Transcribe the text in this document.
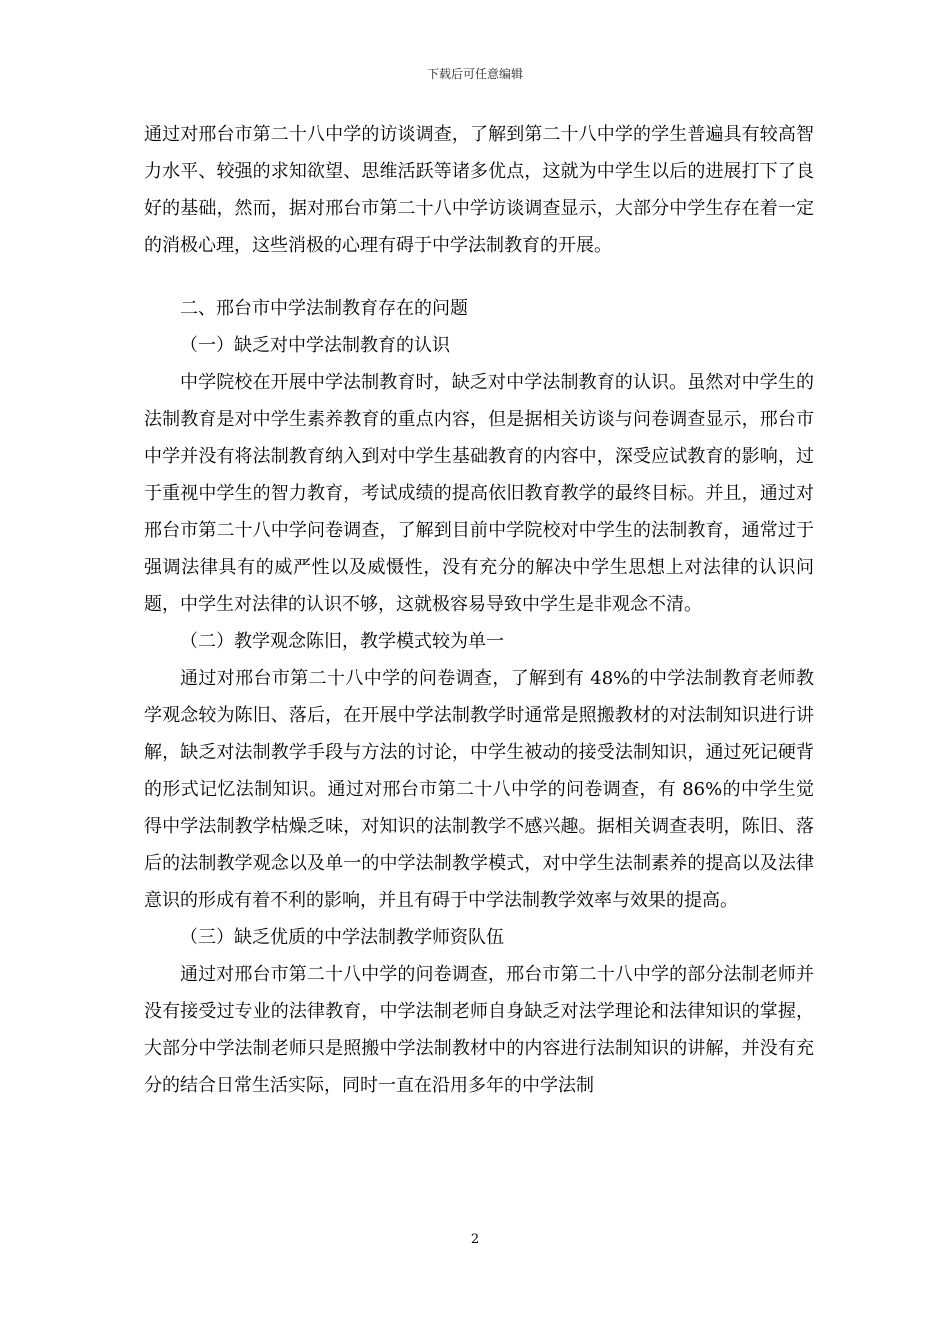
下载后可任意编辑

通过对邢台市第二十八中学的访谈调查，了解到第二十八中学的学生普遍具有较高智力水平、较强的求知欲望、思维活跃等诸多优点，这就为中学生以后的进展打下了良好的基础，然而，据对邢台市第二十八中学访谈调查显示，大部分中学生存在着一定的消极心理，这些消极的心理有碍于中学法制教育的开展。

二、邢台市中学法制教育存在的问题

（一）缺乏对中学法制教育的认识

中学院校在开展中学法制教育时，缺乏对中学法制教育的认识。虽然对中学生的法制教育是对中学生素养教育的重点内容，但是据相关访谈与问卷调查显示，邢台市中学并没有将法制教育纳入到对中学生基础教育的内容中，深受应试教育的影响，过于重视中学生的智力教育，考试成绩的提高依旧教育教学的最终目标。并且，通过对邢台市第二十八中学问卷调查，了解到目前中学院校对中学生的法制教育，通常过于强调法律具有的威严性以及威慑性，没有充分的解决中学生思想上对法律的认识问题，中学生对法律的认识不够，这就极容易导致中学生是非观念不清。

（二）教学观念陈旧，教学模式较为单一

通过对邢台市第二十八中学的问卷调查，了解到有 48%的中学法制教育老师教学观念较为陈旧、落后，在开展中学法制教学时通常是照搬教材的对法制知识进行讲解，缺乏对法制教学手段与方法的讨论，中学生被动的接受法制知识，通过死记硬背的形式记忆法制知识。通过对邢台市第二十八中学的问卷调查，有 86%的中学生觉得中学法制教学枯燥乏味，对知识的法制教学不感兴趣。据相关调查表明，陈旧、落后的法制教学观念以及单一的中学法制教学模式，对中学生法制素养的提高以及法律意识的形成有着不利的影响，并且有碍于中学法制教学效率与效果的提高。

（三）缺乏优质的中学法制教学师资队伍

通过对邢台市第二十八中学的问卷调查，邢台市第二十八中学的部分法制老师并没有接受过专业的法律教育，中学法制老师自身缺乏对法学理论和法律知识的掌握，大部分中学法制老师只是照搬中学法制教材中的内容进行法制知识的讲解，并没有充分的结合日常生活实际，同时一直在沿用多年的中学法制

2
